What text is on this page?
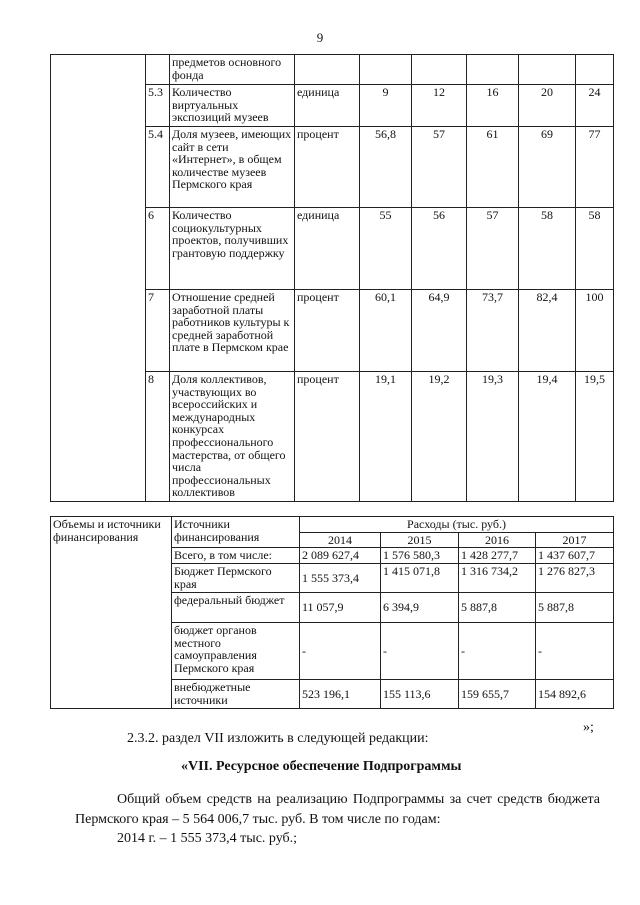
9
		предметов основного фонда						
	5.3	Количество виртуальных экспозиций музеев	единица	9	12	16	20	24
	5.4	Доля музеев, имеющих сайт в сети «Интернет», в общем количестве музеев Пермского края	процент	56,8	57	61	69	77
	6	Количество социокультурных проектов, получивших грантовую поддержку	единица	55	56	57	58	58
	7	Отношение средней заработной платы работников культуры к средней заработной плате в Пермском крае	процент	60,1	64,9	73,7	82,4	100
	8	Доля коллективов, участвующих во всероссийских и международных конкурсах профессионального мастерства, от общего числа профессиональных коллективов	процент	19,1	19,2	19,3	19,4	19,5
Объемы и источники финансирования	Источники финансирования	Расходы (тыс. руб.)			
		2014	2015	2016	2017
	Всего, в том числе:	2 089 627,4	1 576 580,3	1 428 277,7	1 437 607,7
	Бюджет Пермского края	1 555 373,4	1 415 071,8	1 316 734,2	1 276 827,3
	федеральный бюджет	11 057,9	6 394,9	5 887,8	5 887,8
	бюджет органов местного самоуправления Пермского края	-	-	-	-
	внебюджетные источники	523 196,1	155 113,6	159 655,7	154 892,6
»;
2.3.2. раздел VII изложить в следующей редакции:
«VII. Ресурсное обеспечение Подпрограммы
Общий объем средств на реализацию Подпрограммы за счет средств бюджета Пермского края – 5 564 006,7 тыс. руб. В том числе по годам:
2014 г. – 1 555 373,4 тыс. руб.;
